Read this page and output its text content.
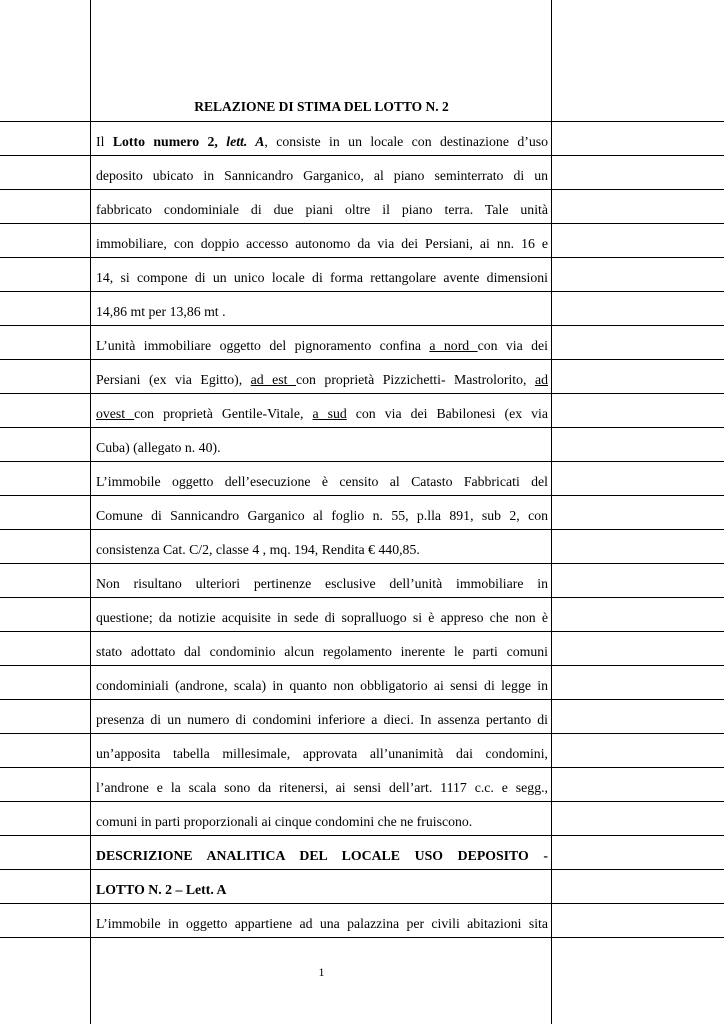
RELAZIONE DI STIMA DEL LOTTO N. 2
Il Lotto numero 2, lett. A, consiste in un locale con destinazione d’uso
deposito ubicato in Sannicandro Garganico, al piano seminterrato di un
fabbricato condominiale di due piani oltre il piano terra. Tale unità
immobiliare, con doppio accesso autonomo da via dei Persiani, ai nn. 16 e
14, si compone di un unico locale di forma rettangolare avente dimensioni
14,86 mt per 13,86 mt .
L’unità immobiliare oggetto del pignoramento confina a nord con via dei
Persiani (ex via Egitto), ad est con proprietà Pizzichetti- Mastrolorito, ad
ovest con proprietà Gentile-Vitale, a sud con via dei Babilonesi (ex via
Cuba) (allegato n. 40).
L’immobile oggetto dell’esecuzione è censito al Catasto Fabbricati del
Comune di Sannicandro Garganico al foglio n. 55, p.lla 891, sub 2, con
consistenza Cat. C/2, classe 4 , mq. 194, Rendita € 440,85.
Non risultano ulteriori pertinenze esclusive dell’unità immobiliare in
questione; da notizie acquisite in sede di sopralluogo si è appreso che non è
stato adottato dal condominio alcun regolamento inerente le parti comuni
condominiali (androne, scala) in quanto non obbligatorio ai sensi di legge in
presenza di un numero di condomini inferiore a dieci. In assenza pertanto di
un’apposita tabella millesimale, approvata all’unanimità dai condomini,
l’androne e la scala sono da ritenersi, ai sensi dell’art. 1117 c.c. e segg.,
comuni in parti proporzionali ai cinque condomini che ne fruiscono.
DESCRIZIONE ANALITICA DEL LOCALE USO DEPOSITO -
LOTTO N. 2 – Lett. A
L’immobile in oggetto appartiene ad una palazzina per civili abitazioni sita
1
